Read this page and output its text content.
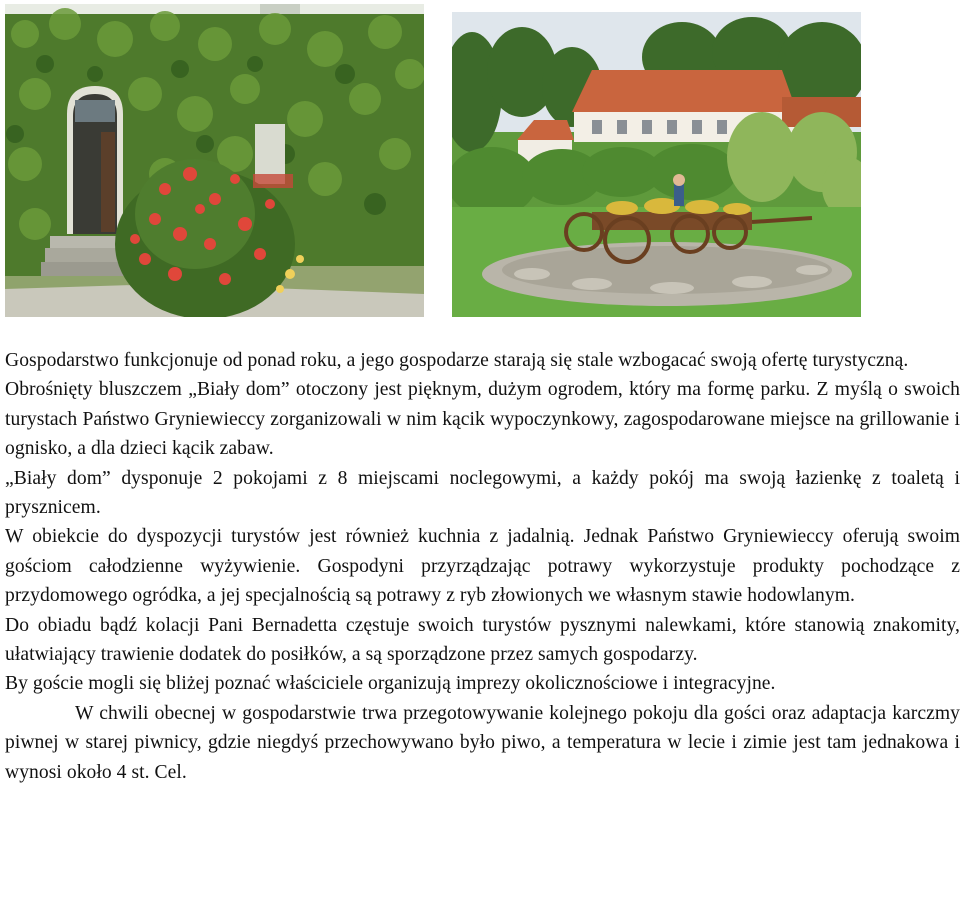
Gospodarstwo funkcjonuje od ponad roku, a jego gospodarze starają się stale wzbogacać swoją ofertę turystyczną.

Obrośnięty bluszczem „Biały dom” otoczony jest pięknym, dużym ogrodem, który ma formę parku. Z myślą o swoich turystach Państwo Gryniewieccy zorganizowali w nim kącik wypoczynkowy, zagospodarowane miejsce na grillowanie i ognisko, a dla dzieci kącik zabaw.

„Biały dom” dysponuje 2 pokojami z 8 miejscami noclegowymi, a każdy pokój ma swoją łazienkę z toaletą i prysznicem.

W obiekcie do dyspozycji turystów jest również kuchnia z jadalnią. Jednak Państwo Gryniewieccy oferują swoim gościom całodzienne wyżywienie. Gospodyni przyrządzając potrawy wykorzystuje produkty pochodzące z przydomowego ogródka, a jej specjalnością są potrawy z ryb złowionych we własnym stawie hodowlanym.

Do obiadu bądź kolacji Pani Bernadetta częstuje swoich turystów pysznymi nalewkami, które stanowią znakomity, ułatwiający trawienie dodatek do posiłków, a są sporządzone przez samych gospodarzy.

By goście mogli się bliżej poznać właściciele organizują imprezy okolicznościowe i integracyjne.

W chwili obecnej w gospodarstwie trwa przegotowywanie kolejnego pokoju dla gości oraz adaptacja karczmy piwnej w starej piwnicy, gdzie niegdyś przechowywano było piwo, a temperatura w lecie i zimie jest tam jednakowa i wynosi około 4 st. Cel.
